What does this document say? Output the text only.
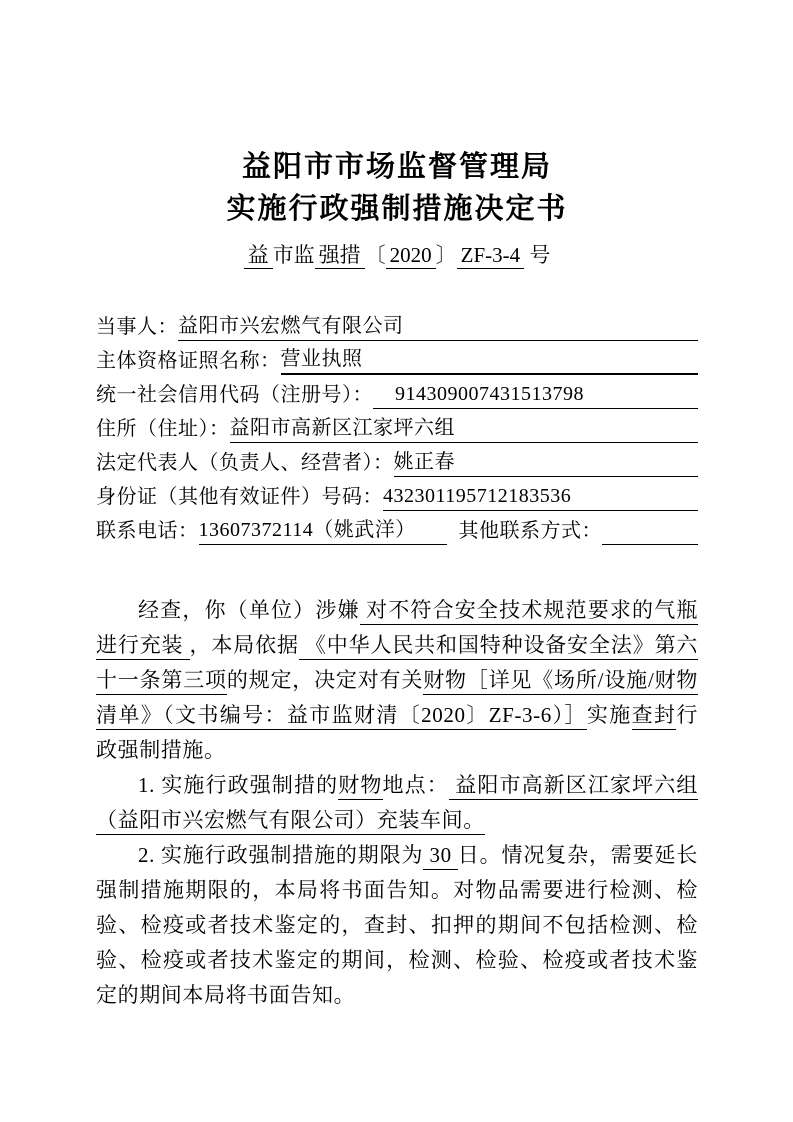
益阳市市场监督管理局
实施行政强制措施决定书
益 市监 强措 〔 2020 〕 ZF-3-4 号
当事人： 益阳市兴宏燃气有限公司
主体资格证照名称： 营业执照
统一社会信用代码（注册号）：	914309007431513798
住所（住址）： 益阳市高新区江家坪六组
法定代表人（负责人、经营者）： 姚正春
身份证（其他有效证件）号码： 432301195712183536
联系电话： 13607372114（姚武洋）	其他联系方式：

经查，你（单位）涉嫌 对不符合安全技术规范要求的气瓶进行充装 ，本局依据 《中华人民共和国特种设备安全法》第六十一条第三项的规定，决定对有关财物［详见《场所/设施/财物清单》（文书编号：益市监财清〔2020〕ZF-3-6）］实施查封行政强制措施。

1. 实施行政强制措的财物地点： 益阳市高新区江家坪六组（益阳市兴宏燃气有限公司）充装车间。

2. 实施行政强制措施的期限为 30 日。情况复杂，需要延长强制措施期限的，本局将书面告知。对物品需要进行检测、检验、检疫或者技术鉴定的，查封、扣押的期间不包括检测、检验、检疫或者技术鉴定的期间，检测、检验、检疫或者技术鉴定的期间本局将书面告知。
